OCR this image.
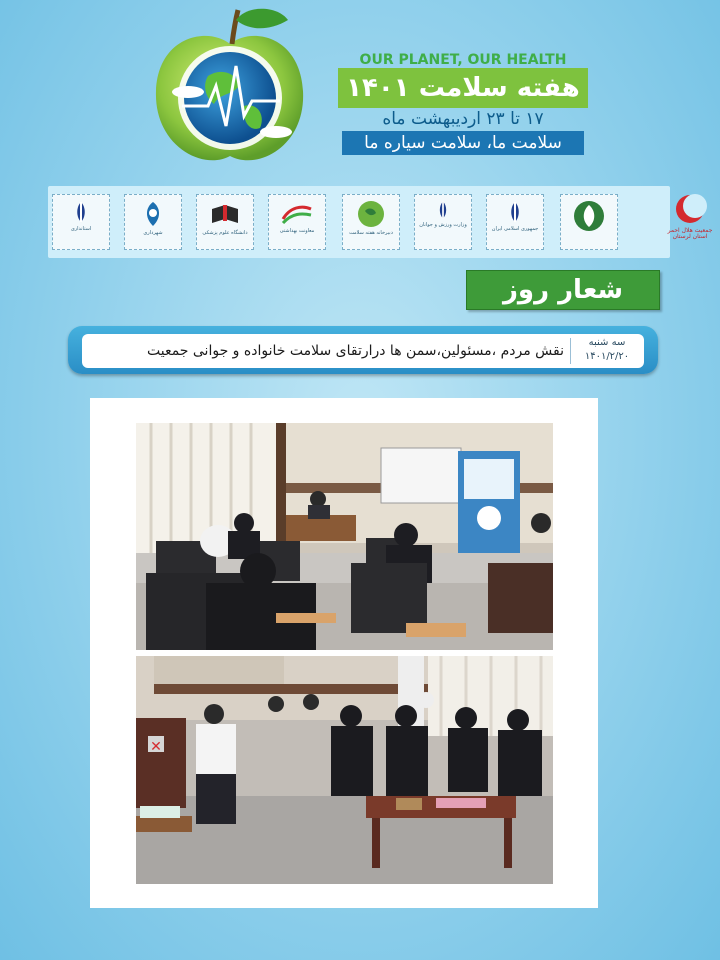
OUR PLANET, OUR HEALTH
هفته سلامت ۱۴۰۱
۱۷ تا ۲۳ اردیبهشت ماه
سلامت ما، سلامت سیاره ما
جمعیت هلال احمر استان لرستان
جمهوری اسلامی ایران
وزارت ورزش و جوانان
دبیرخانه هفته سلامت
معاونت بهداشتی
دانشگاه علوم پزشکی
شهرداری
استانداری
شعار روز
سه شنبه
۱۴۰۱/۲/۲۰
نقش مردم ،مسئولین،سمن ها درارتقای سلامت خانواده و جوانی جمعیت
✕
